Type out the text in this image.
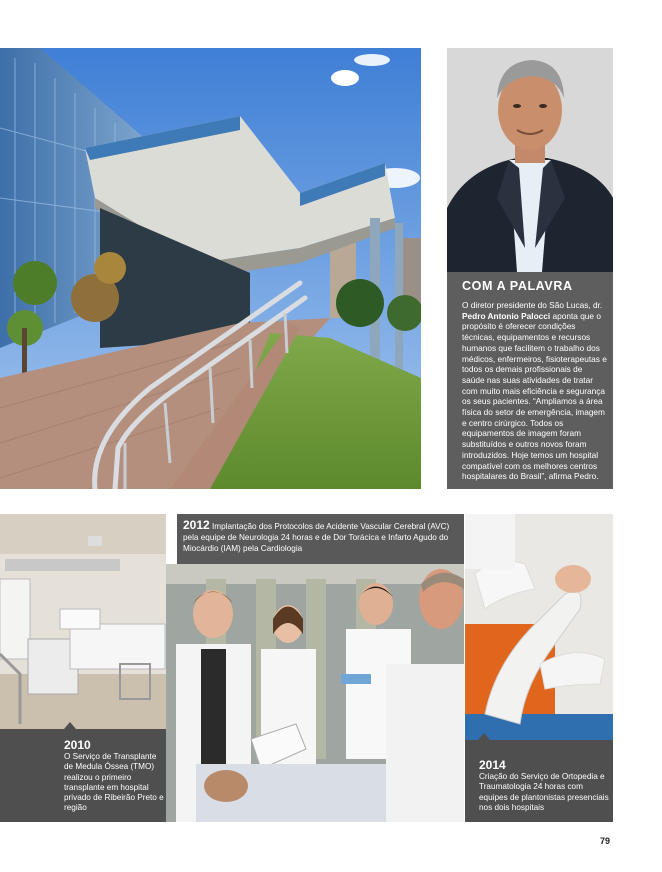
COM A PALAVRA

O diretor presidente do São Lucas, dr. Pedro Antonio Palocci aponta que o propósito é oferecer condições técnicas, equipamentos e recursos humanos que facilitem o trabalho dos médicos, enfermeiros, fisioterapeutas e todos os demais profissionais de saúde nas suas atividades de tratar com muito mais eficiência e segurança os seus pacientes. “Ampliamos a área física do setor de emergência, imagem e centro cirúrgico. Todos os equipamentos de imagem foram substituídos e outros novos foram introduzidos. Hoje temos um hospital compatível com os melhores centros hospitalares do Brasil”, afirma Pedro.

2010
O Serviço de Transplante de Medula Óssea (TMO) realizou o primeiro transplante em hospital privado de Ribeirão Preto e região
2012 Implantação dos Protocolos de Acidente Vascular Cerebral (AVC) pela equipe de Neurologia 24 horas e de Dor Torácica e Infarto Agudo do Miocárdio (IAM) pela Cardiologia
2014
Criação do Serviço de Ortopedia e Traumatologia 24 horas com equipes de plantonistas presenciais nos dois hospitais
79
